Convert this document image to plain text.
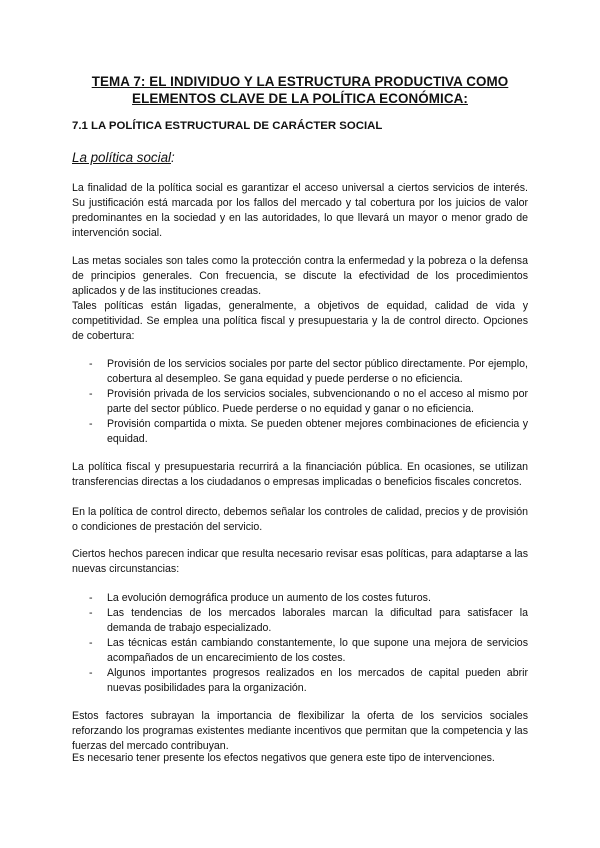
TEMA 7: EL INDIVIDUO Y LA ESTRUCTURA PRODUCTIVA COMO
ELEMENTOS CLAVE DE LA POLÍTICA ECONÓMICA:
7.1 LA POLÍTICA ESTRUCTURAL DE CARÁCTER SOCIAL
La política social:

La finalidad de la política social es garantizar el acceso universal a ciertos servicios de interés. Su justificación está marcada por los fallos del mercado y tal cobertura por los juicios de valor predominantes en la sociedad y en las autoridades, lo que llevará un mayor o menor grado de intervención social.

Las metas sociales son tales como la protección contra la enfermedad y la pobreza o la defensa de principios generales. Con frecuencia, se discute la efectividad de los procedimientos aplicados y de las instituciones creadas.

Tales políticas están ligadas, generalmente, a objetivos de equidad, calidad de vida y competitividad. Se emplea una política fiscal y presupuestaria y la de control directo. Opciones de cobertura:

- Provisión de los servicios sociales por parte del sector público directamente. Por ejemplo, cobertura al desempleo. Se gana equidad y puede perderse o no eficiencia.
- Provisión privada de los servicios sociales, subvencionando o no el acceso al mismo por parte del sector público. Puede perderse o no equidad y ganar o no eficiencia.
- Provisión compartida o mixta. Se pueden obtener mejores combinaciones de eficiencia y equidad.

La política fiscal y presupuestaria recurrirá a la financiación pública. En ocasiones, se utilizan transferencias directas a los ciudadanos o empresas implicadas o beneficios fiscales concretos.

En la política de control directo, debemos señalar los controles de calidad, precios y de provisión o condiciones de prestación del servicio.

Ciertos hechos parecen indicar que resulta necesario revisar esas políticas, para adaptarse a las nuevas circunstancias:

- La evolución demográfica produce un aumento de los costes futuros.
- Las tendencias de los mercados laborales marcan la dificultad para satisfacer la demanda de trabajo especializado.
- Las técnicas están cambiando constantemente, lo que supone una mejora de servicios acompañados de un encarecimiento de los costes.
- Algunos importantes progresos realizados en los mercados de capital pueden abrir nuevas posibilidades para la organización.

Estos factores subrayan la importancia de flexibilizar la oferta de los servicios sociales reforzando los programas existentes mediante incentivos que permitan que la competencia y las fuerzas del mercado contribuyan.

Es necesario tener presente los efectos negativos que genera este tipo de intervenciones.
